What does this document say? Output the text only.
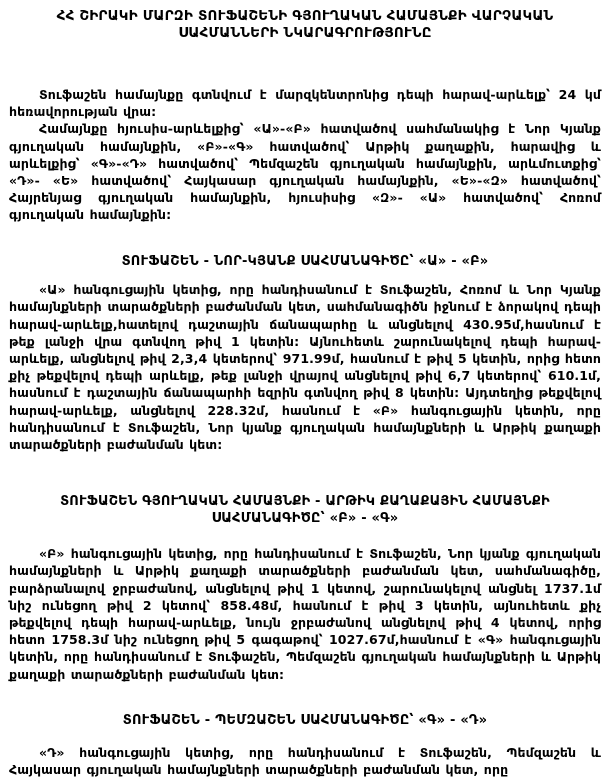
ՀՀ ՇԻՐԱԿԻ ՄԱՐԶԻ ՏՈՒՖԱՇԵՆԻ ԳՅՈՒՂԱԿԱՆ ՀԱՄԱՅՆՔԻ ՎԱՐՉԱԿԱՆ ՍԱՀՄԱՆՆԵՐԻ ՆԿԱՐԱԳՐՈՒԹՅՈՒՆԸ

Տուֆաշեն համայնքը գտնվում է մարզկենտրոնից դեպի հարավ-արևելք՝ 24 կմ հեռավորության վրա:

Համայնքը հյուսիս-արևելքից՝ «Ա»-«Բ» հատվածով սահմանակից է Նոր Կյանք գյուղական համայնքին, «Բ»-«Գ» հատվածով՝ Արթիկ քաղաքին, հարավից և արևելքից՝ «Գ»-«Դ» հատվածով՝ Պեմզաշեն գյուղական համայնքին, արևմուտքից՝ «Դ»- «Ե» հատվածով՝ Հայկասար գյուղական համայնքին, «Ե»-«Զ» հատվածով՝ Հայրենյաց գյուղական համայնքին, հյուսիսից «Զ»- «Ա» հատվածով՝ Հոռոմ գյուղական համայնքին:

ՏՈՒՖԱՇԵՆ - ՆՈՐ-ԿՅԱՆՔ ՍԱՀՄԱՆԱԳԻԾԸ՝ «Ա» - «Բ»

«Ա» հանգուցային կետից, որը հանդիսանում է Տուֆաշեն, Հոռոմ և Նոր Կյանք համայնքների տարածքների բաժանման կետ, սահմանագիծն իջնում է ձորակով դեպի հարավ-արևելք,հատելով դաշտային ճանապարհը և անցնելով 430.95մ,հասնում է թեք լանջի վրա գտնվող թիվ 1 կետին: Այնուհետև շարունակելով դեպի հարավ-արևելք, անցնելով թիվ 2,3,4 կետերով՝ 971.99մ, հասնում է թիվ 5 կետին, որից հետո քիչ թեքվելով դեպի արևելք, թեք լանջի վրայով անցնելով թիվ 6,7 կետերով՝ 610.1մ, հասնում է դաշտային ճանապարհի եզրին գտնվող թիվ 8 կետին: Այդտեղից թեքվելով հարավ-արևելք, անցնելով 228.32մ, հասնում է «Բ» հանգուցային կետին, որը հանդիսանում է Տուֆաշեն, Նոր կյանք գյուղական համայնքների և Արթիկ քաղաքի տարածքների բաժանման կետ:

ՏՈՒՖԱՇԵՆ ԳՅՈՒՂԱԿԱՆ ՀԱՄԱՅՆՔԻ - ԱՐԹԻԿ ՔԱՂԱՔԱՅԻՆ ՀԱՄԱՅՆՔԻ ՍԱՀՄԱՆԱԳԻԾԸ՝ «Բ» - «Գ»

«Բ» հանգուցային կետից, որը հանդիսանում է Տուֆաշեն, Նոր կյանք գյուղական համայնքների և Արթիկ քաղաքի տարածքների բաժանման կետ, սահմանագիծը, բարձրանալով ջրբաժանով, անցնելով թիվ 1 կետով, շարունակելով անցնել 1737.1մ նիշ ունեցող թիվ 2 կետով՝ 858.48մ, հասնում է թիվ 3 կետին, այնուհետև քիչ թեքվելով դեպի հարավ-արևելք, նույն ջրբաժանով անցնելով թիվ 4 կետով, որից հետո 1758.3մ նիշ ունեցող թիվ 5 գագաթով՝ 1027.67մ,հասնում է «Գ» հանգուցային կետին, որը հանդիսանում է Տուֆաշեն, Պեմզաշեն գյուղական համայնքների և Արթիկ քաղաքի տարածքների բաժանման կետ:

ՏՈՒՖԱՇԵՆ - ՊԵՄԶԱՇԵՆ ՍԱՀՄԱՆԱԳԻԾԸ՝ «Գ» - «Դ»

«Դ» հանգուցային կետից, որը հանդիսանում է Տուֆաշեն, Պեմզաշեն և Հայկասար գյուղական համայնքների տարածքների բաժանման կետ, որը
